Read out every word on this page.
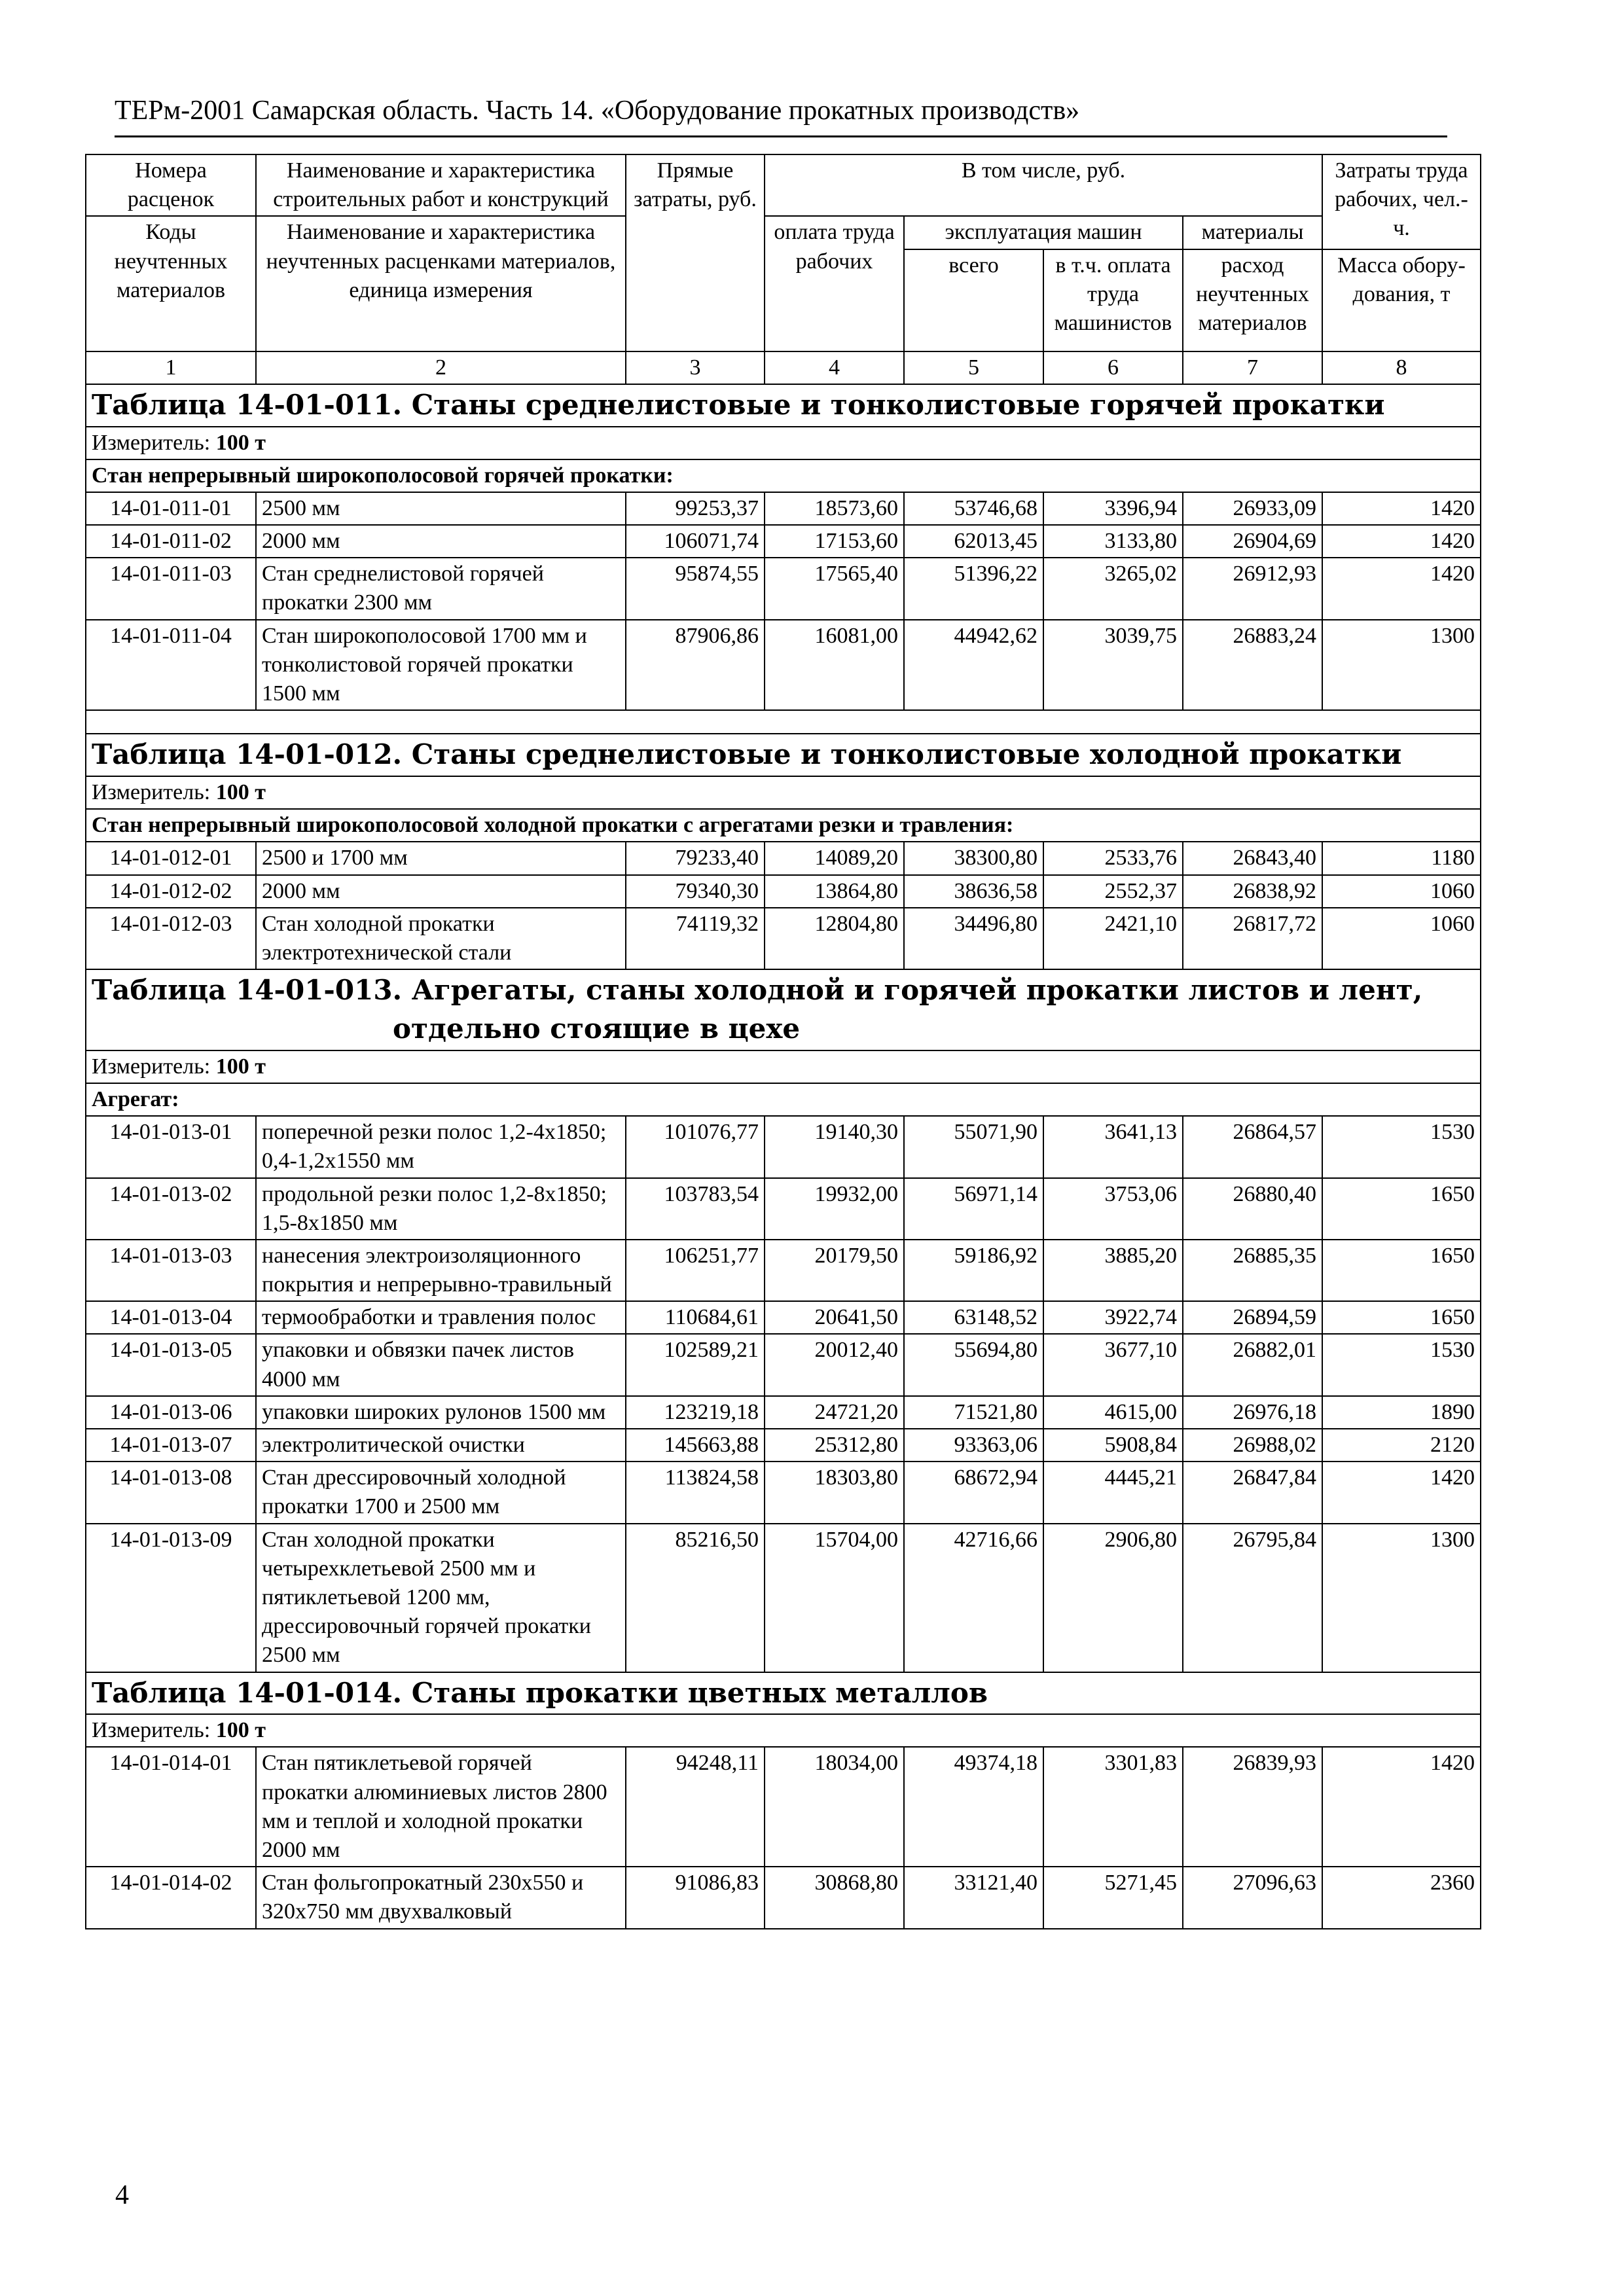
ТЕРм-2001 Самарская область. Часть 14. «Оборудование прокатных производств»
Номера расценок	Наименование и характеристика строительных работ и конструкций	Прямые затраты, руб.	В том числе, руб.				Затраты труда рабочих, чел.-ч.
Коды неучтенных материалов	Наименование и характеристика неучтенных расценками материалов, единица измерения		оплата труда рабочих	эксплуатация машин		материалы	
				всего	в т.ч. оплата труда машинистов	расход неучтенных материалов	Масса обору-дования, т
1	2	3	4	5	6	7	8
Таблица 14-01-011. Станы среднелистовые и тонколистовые горячей прокатки							
Измеритель: 100 т							
Стан непрерывный широкополосовой горячей прокатки:							
14-01-011-01	2500 мм	99253,37	18573,60	53746,68	3396,94	26933,09	1420
14-01-011-02	2000 мм	106071,74	17153,60	62013,45	3133,80	26904,69	1420
14-01-011-03	Стан среднелистовой горячей прокатки 2300 мм	95874,55	17565,40	51396,22	3265,02	26912,93	1420
14-01-011-04	Стан широкополосовой 1700 мм и тонколистовой горячей прокатки 1500 мм	87906,86	16081,00	44942,62	3039,75	26883,24	1300

Таблица 14-01-012. Станы среднелистовые и тонколистовые холодной прокатки							
Измеритель: 100 т							
Стан непрерывный широкополосовой холодной прокатки с агрегатами резки и травления:							
14-01-012-01	2500 и 1700 мм	79233,40	14089,20	38300,80	2533,76	26843,40	1180
14-01-012-02	2000 мм	79340,30	13864,80	38636,58	2552,37	26838,92	1060
14-01-012-03	Стан холодной прокатки электротехнической стали	74119,32	12804,80	34496,80	2421,10	26817,72	1060
Таблица 14-01-013. Агрегаты, станы холодной и горячей прокатки листов и лент,
отдельно стоящие в цехе							

Измеритель: 100 т							
Агрегат:							
14-01-013-01	поперечной резки полос 1,2-4х1850; 0,4-1,2х1550 мм	101076,77	19140,30	55071,90	3641,13	26864,57	1530
14-01-013-02	продольной резки полос 1,2-8х1850; 1,5-8х1850 мм	103783,54	19932,00	56971,14	3753,06	26880,40	1650
14-01-013-03	нанесения электроизоляционного покрытия и непрерывно-травильный	106251,77	20179,50	59186,92	3885,20	26885,35	1650
14-01-013-04	термообработки и травления полос	110684,61	20641,50	63148,52	3922,74	26894,59	1650
14-01-013-05	упаковки и обвязки пачек листов 4000 мм	102589,21	20012,40	55694,80	3677,10	26882,01	1530
14-01-013-06	упаковки широких рулонов 1500 мм	123219,18	24721,20	71521,80	4615,00	26976,18	1890
14-01-013-07	электролитической очистки	145663,88	25312,80	93363,06	5908,84	26988,02	2120
14-01-013-08	Стан дрессировочный холодной прокатки 1700 и 2500 мм	113824,58	18303,80	68672,94	4445,21	26847,84	1420
14-01-013-09	Стан холодной прокатки четырехклетьевой 2500 мм и пятиклетьевой 1200 мм, дрессировочный горячей прокатки 2500 мм	85216,50	15704,00	42716,66	2906,80	26795,84	1300
Таблица 14-01-014. Станы прокатки цветных металлов							
Измеритель: 100 т							
14-01-014-01	Стан пятиклетьевой горячей прокатки алюминиевых листов 2800 мм и теплой и холодной прокатки 2000 мм	94248,11	18034,00	49374,18	3301,83	26839,93	1420
14-01-014-02	Стан фольгопрокатный 230х550 и 320х750 мм двухвалковый	91086,83	30868,80	33121,40	5271,45	27096,63	2360
4
